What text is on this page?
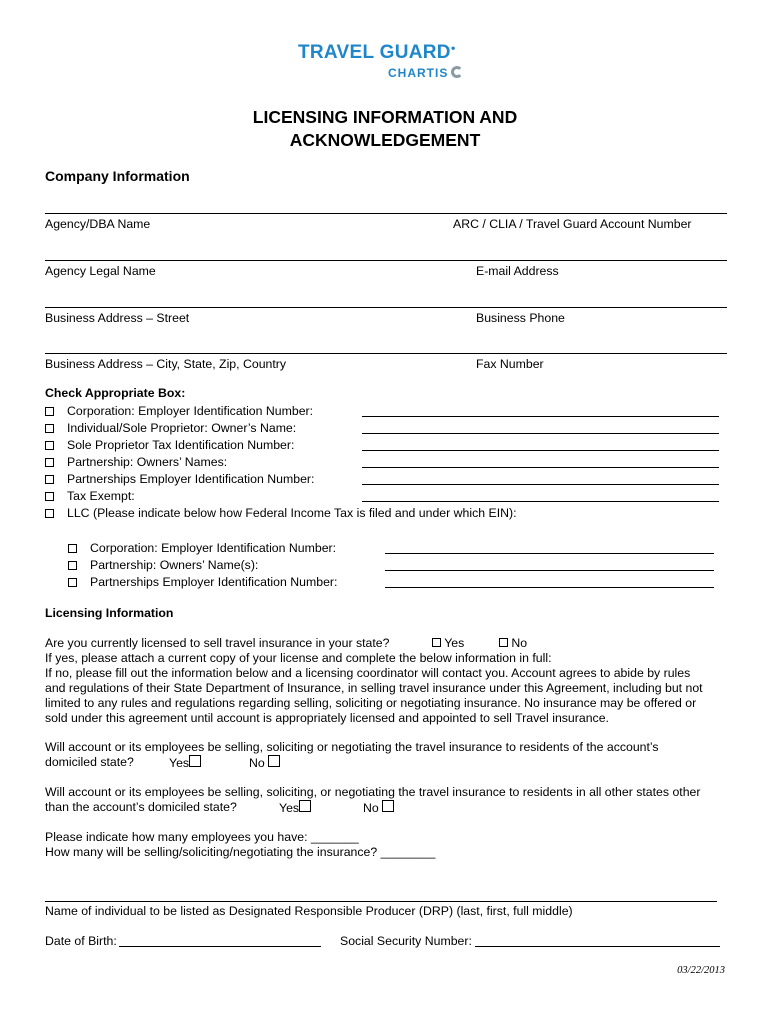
TRAVEL GUARD●
CHARTIS
LICENSING INFORMATION AND
ACKNOWLEDGEMENT
Company Information
Agency/DBA Name	ARC / CLIA / Travel Guard Account Number
Agency Legal Name	E-mail Address
Business Address – Street	Business Phone
Business Address – City, State, Zip, Country	Fax Number
Check Appropriate Box:
Corporation: Employer Identification Number:
Individual/Sole Proprietor: Owner’s Name:
Sole Proprietor Tax Identification Number:
Partnership: Owners’ Names:
Partnerships Employer Identification Number:
Tax Exempt:
LLC (Please indicate below how Federal Income Tax is filed and under which EIN):
Corporation: Employer Identification Number:
Partnership: Owners’ Name(s):
Partnerships Employer Identification Number:
Licensing Information
Are you currently licensed to sell travel insurance in your state?	Yes	No
If yes, please attach a current copy of your license and complete the below information in full:
If no, please fill out the information below and a licensing coordinator will contact you. Account agrees to abide by rules
and regulations of their State Department of Insurance, in selling travel insurance under this Agreement, including but not
limited to any rules and regulations regarding selling, soliciting or negotiating insurance. No insurance may be offered or
sold under this agreement until account is appropriately licensed and appointed to sell Travel insurance.
Will account or its employees be selling, soliciting or negotiating the travel insurance to residents of the account’s
domiciled state?	Yes	No
Will account or its employees be selling, soliciting, or negotiating the travel insurance to residents in all other states other
than the account’s domiciled state?	Yes	No
Please indicate how many employees you have: _______
How many will be selling/soliciting/negotiating the insurance? ________
Name of individual to be listed as Designated Responsible Producer (DRP) (last, first, full middle)
Date of Birth:	Social Security Number:
03/22/2013
